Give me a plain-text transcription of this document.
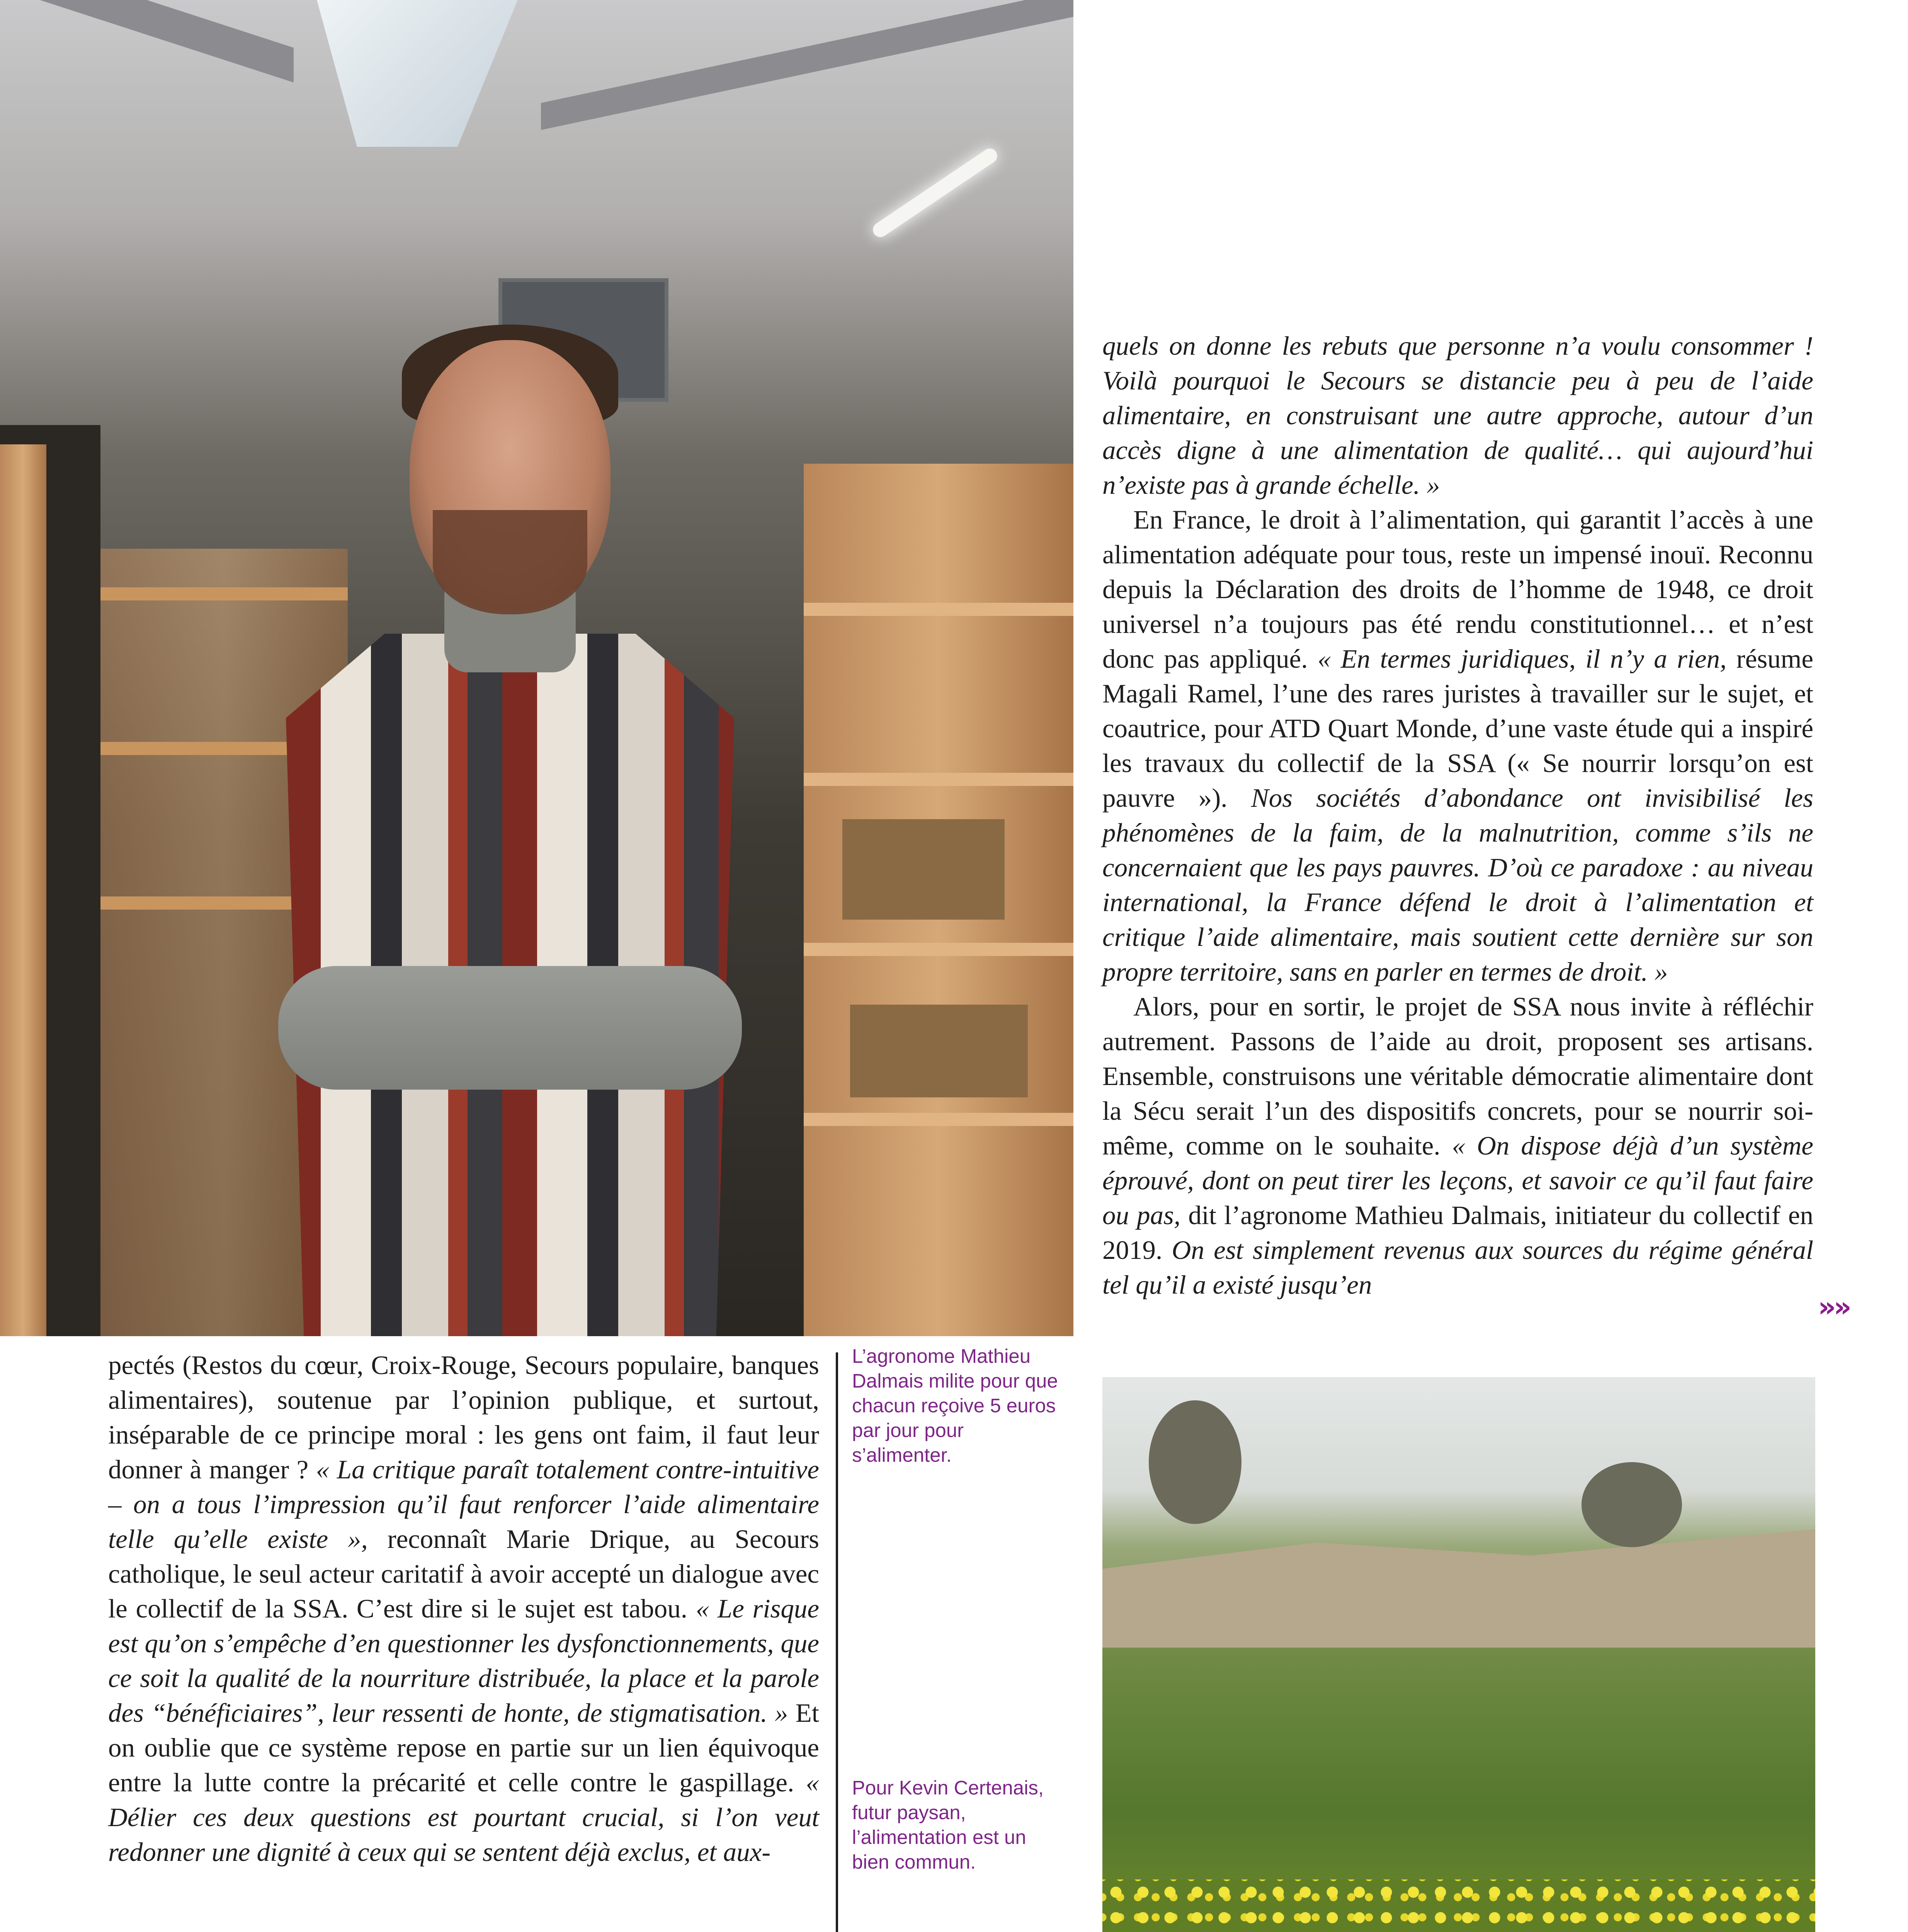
quels on donne les rebuts que personne n’a voulu consommer ! Voilà pourquoi le Secours se distancie peu à peu de l’aide alimentaire, en construisant une autre approche, autour d’un accès digne à une alimentation de qualité… qui aujourd’hui n’existe pas à grande échelle. »

En France, le droit à l’alimentation, qui garantit l’accès à une alimentation adéquate pour tous, reste un impensé inouï. Reconnu depuis la Déclaration des droits de l’homme de 1948, ce droit universel n’a toujours pas été rendu constitutionnel… et n’est donc pas appliqué. « En termes juridiques, il n’y a rien, résume Magali Ramel, l’une des rares juristes à travailler sur le sujet, et coautrice, pour ATD Quart Monde, d’une vaste étude qui a inspiré les travaux du collectif de la SSA (« Se nourrir lorsqu’on est pauvre »). Nos sociétés d’abondance ont invisibilisé les phénomènes de la faim, de la malnutrition, comme s’ils ne concernaient que les pays pauvres. D’où ce paradoxe : au niveau international, la France défend le droit à l’alimentation et critique l’aide alimentaire, mais soutient cette dernière sur son propre territoire, sans en parler en termes de droit. »

Alors, pour en sortir, le projet de SSA nous invite à réfléchir autrement. Passons de l’aide au droit, proposent ses artisans. Ensemble, construisons une véritable démocratie alimentaire dont la Sécu serait l’un des dispositifs concrets, pour se nourrir soi-même, comme on le souhaite. « On dispose déjà d’un système éprouvé, dont on peut tirer les leçons, et savoir ce qu’il faut faire ou pas, dit l’agronome Mathieu Dalmais, initiateur du collectif en 2019. On est simplement revenus aux sources du régime général tel qu’il a existé jusqu’en

»»

pectés (Restos du cœur, Croix-Rouge, Secours populaire, banques alimentaires), soutenue par l’opinion publique, et surtout, inséparable de ce principe moral : les gens ont faim, il faut leur donner à manger ? « La critique paraît totalement contre-intuitive – on a tous l’impression qu’il faut renforcer l’aide alimentaire telle qu’elle existe », reconnaît Marie Drique, au Secours catholique, le seul acteur caritatif à avoir accepté un dialogue avec le collectif de la SSA. C’est dire si le sujet est tabou. « Le risque est qu’on s’empêche d’en questionner les dysfonctionnements, que ce soit la qualité de la nourriture distribuée, la place et la parole des “bénéficiaires”, leur ressenti de honte, de stigmatisation. » Et on oublie que ce système repose en partie sur un lien équivoque entre la lutte contre la précarité et celle contre le gaspillage. « Délier ces deux questions est pourtant crucial, si l’on veut redonner une dignité à ceux qui se sentent déjà exclus, et aux-

L’agronome Mathieu Dalmais milite pour que chacun reçoive 5 euros par jour pour s’alimenter.

Pour Kevin Certenais, futur paysan, l’alimentation est un bien commun.
